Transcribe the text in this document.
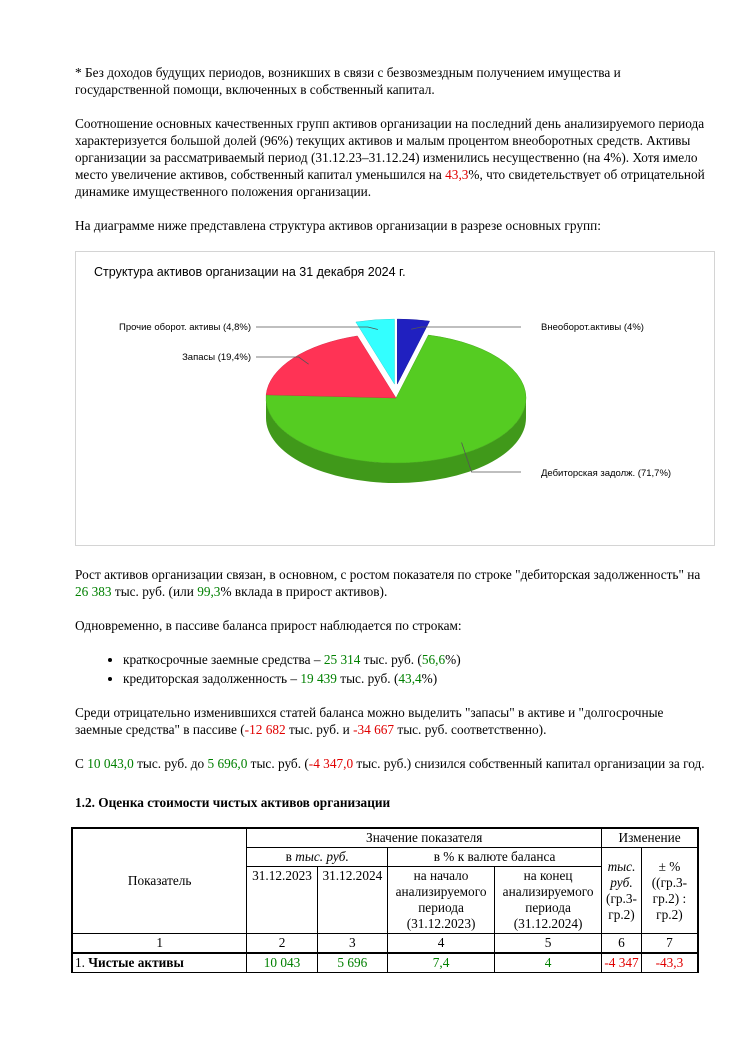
* Без доходов будущих периодов, возникших в связи с безвозмездным получением имущества и государственной помощи, включенных в собственный капитал.

Соотношение основных качественных групп активов организации на последний день анализируемого периода характеризуется большой долей (96%) текущих активов и малым процентом внеоборотных средств. Активы организации за рассматриваемый период (31.12.23–31.12.24) изменились несущественно (на 4%). Хотя имело место увеличение активов, собственный капитал уменьшился на 43,3%, что свидетельствует об отрицательной динамике имущественного положения организации.

На диаграмме ниже представлена структура активов организации в разрезе основных групп:

Структура активов организации на 31 декабря 2024 г.
Внеоборот.активы (4%)
Дебиторская задолж. (71,7%)
Запасы (19,4%)
Прочие оборот. активы (4,8%)

Рост активов организации связан, в основном, с ростом показателя по строке "дебиторская задолженность" на 26 383 тыс. руб. (или 99,3% вклада в прирост активов).

Одновременно, в пассиве баланса прирост наблюдается по строкам:

• краткосрочные заемные средства – 25 314 тыс. руб. (56,6%)
• кредиторская задолженность – 19 439 тыс. руб. (43,4%)

Среди отрицательно изменившихся статей баланса можно выделить "запасы" в активе и "долгосрочные заемные средства" в пассиве (-12 682 тыс. руб. и -34 667 тыс. руб. соответственно).

С 10 043,0 тыс. руб. до 5 696,0 тыс. руб. (-4 347,0 тыс. руб.) снизился собственный капитал организации за год.

1.2. Оценка стоимости чистых активов организации
Показатель	Значение показателя				Изменение	
	в тыс. руб.		в % к валюте баланса		тыс. руб. (гр.3-гр.2)	± % ((гр.3-гр.2) : гр.2)
	31.12.2023	31.12.2024	на начало анализируемого периода (31.12.2023)	на конец анализируемого периода (31.12.2024)		
1	2	3	4	5	6	7
1. Чистые активы	10 043	5 696	7,4	4	-4 347	-43,3
